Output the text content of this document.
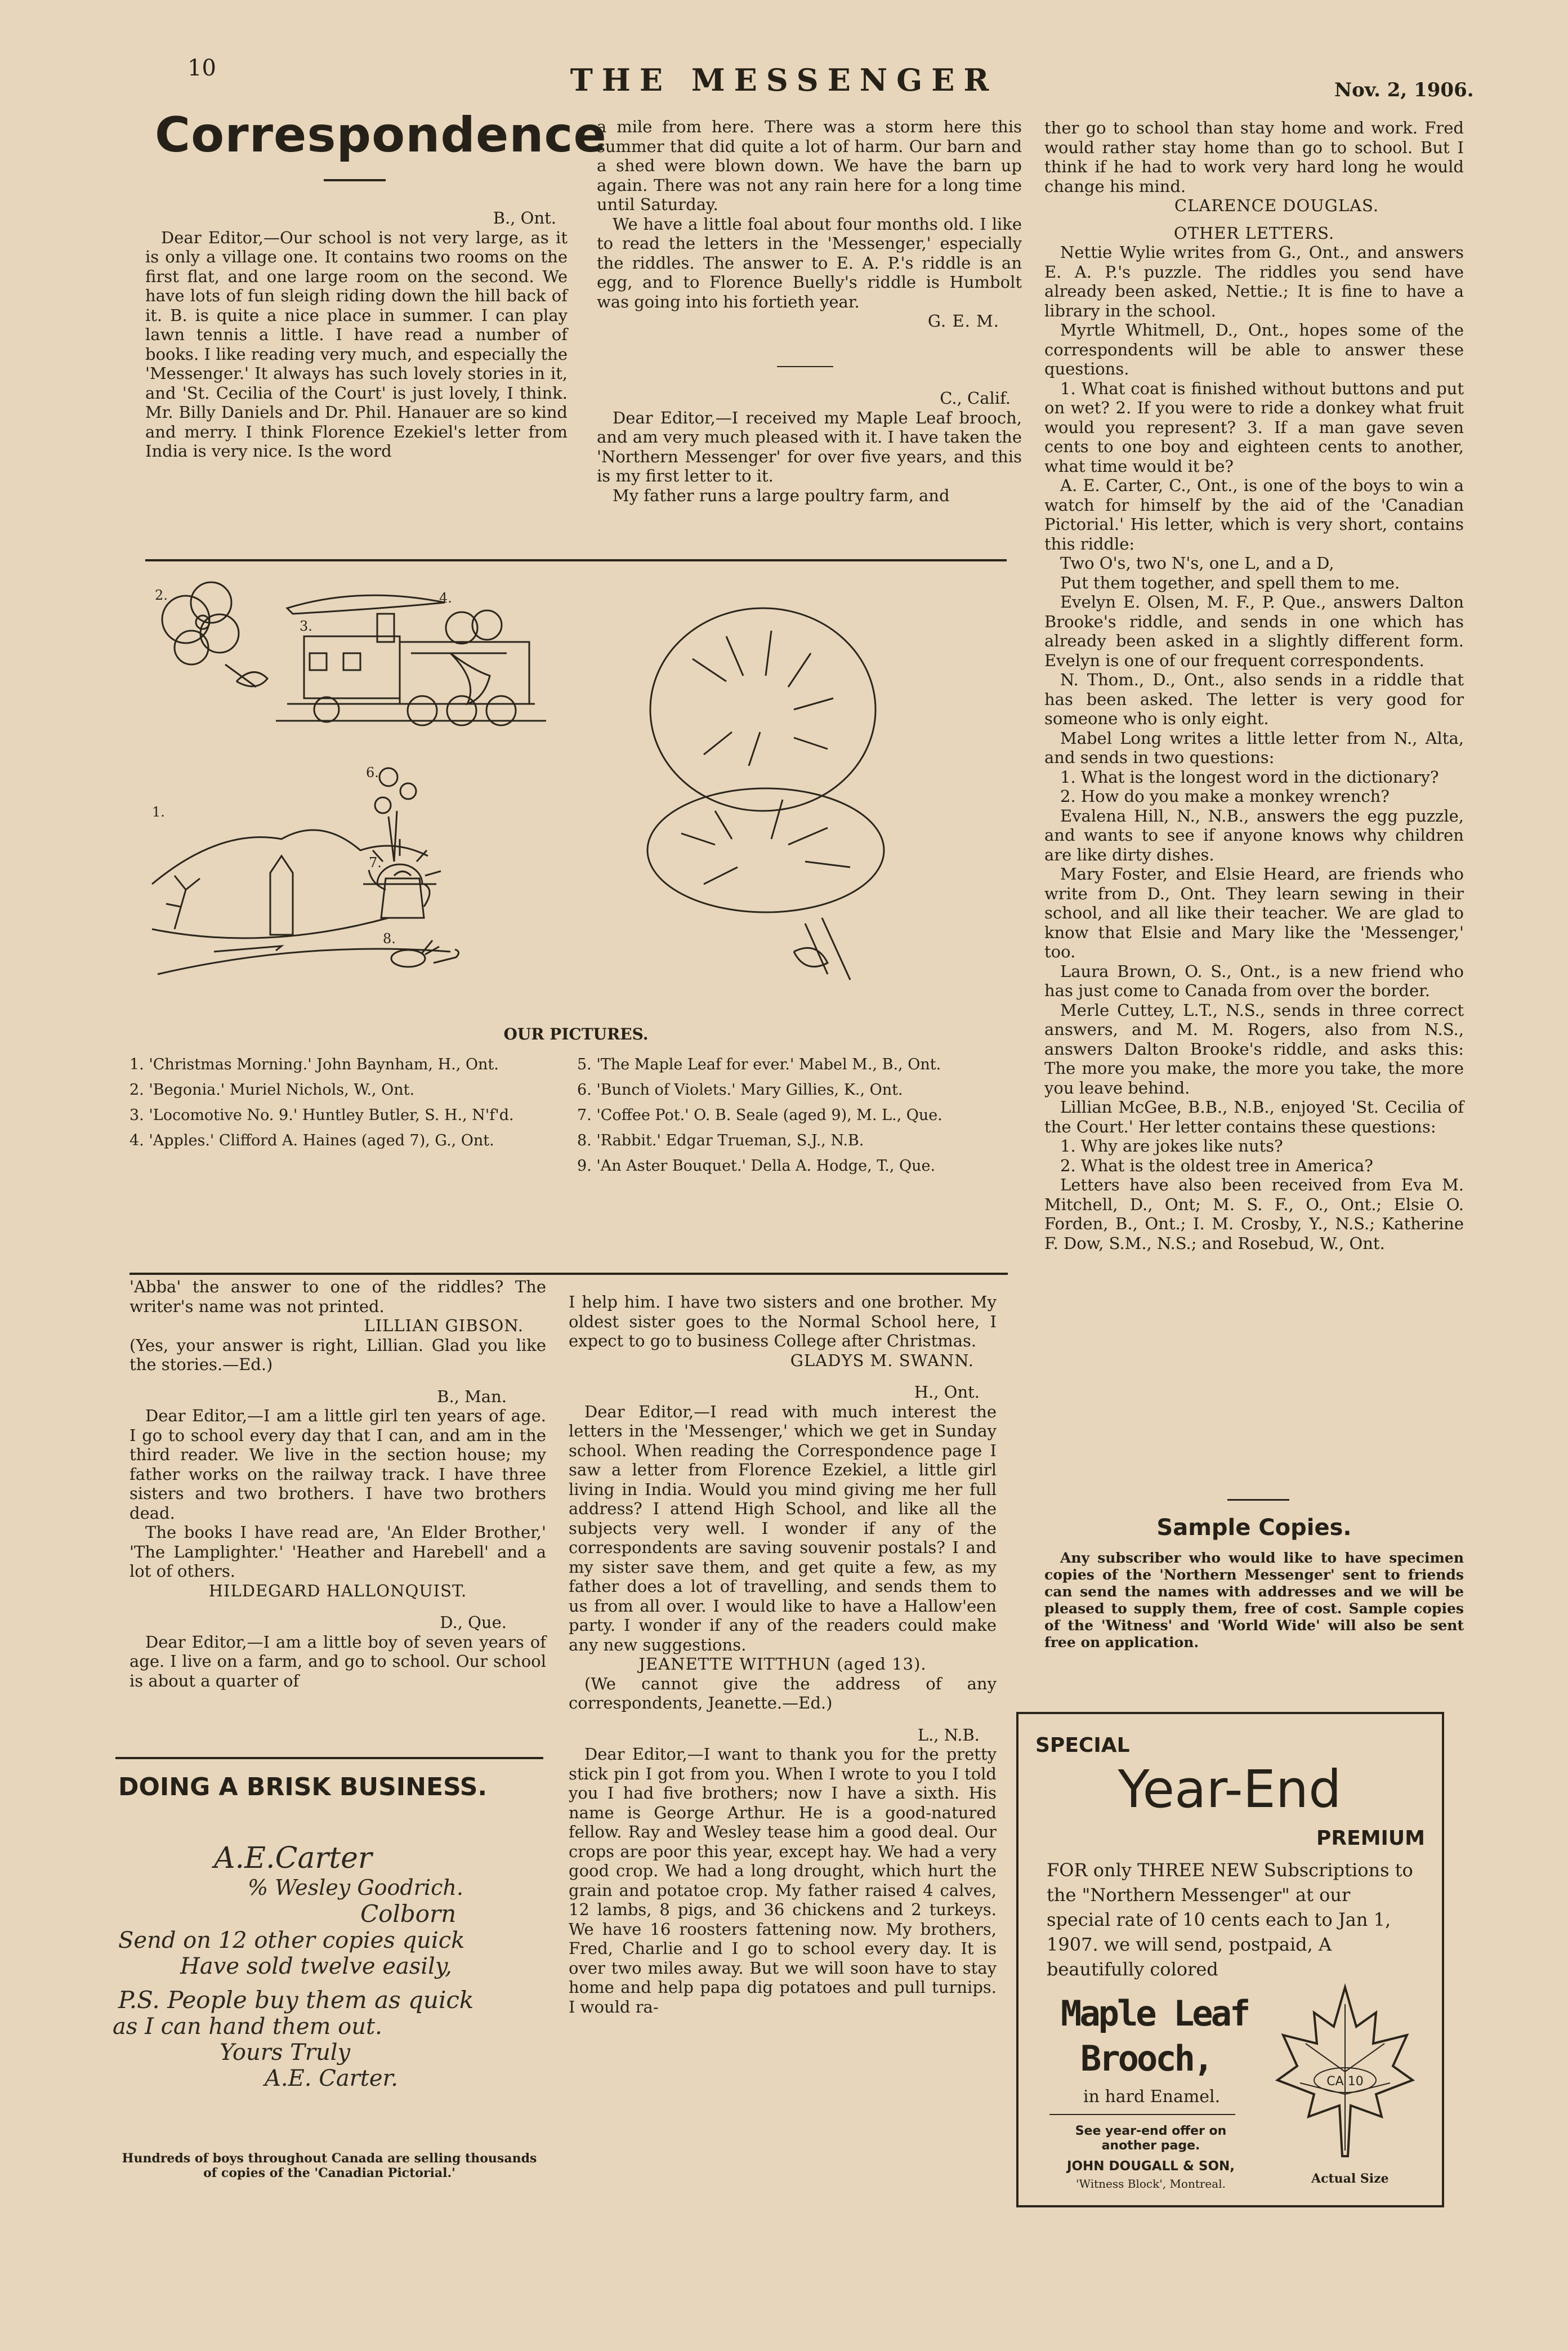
10	THE MESSENGER	Nov. 2, 1906.
Correspondence
B., Ont.

Dear Editor,—Our school is not very large, as it is only a village one. It contains two rooms on the first flat, and one large room on the second. We have lots of fun sleigh riding down the hill back of it. B. is quite a nice place in summer. I can play lawn tennis a little. I have read a number of books. I like reading very much, and especially the 'Messenger.' It always has such lovely stories in it, and 'St. Cecilia of the Court' is just lovely, I think. Mr. Billy Daniels and Dr. Phil. Hanauer are so kind and merry. I think Florence Ezekiel's letter from India is very nice. Is the word

a mile from here. There was a storm here this summer that did quite a lot of harm. Our barn and a shed were blown down. We have the barn up again. There was not any rain here for a long time until Saturday.

We have a little foal about four months old. I like to read the letters in the 'Messenger,' especially the riddles. The answer to E. A. P.'s riddle is an egg, and to Florence Buelly's riddle is Humbolt was going into his fortieth year.

G. E. M.
C., Calif.

Dear Editor,—I received my Maple Leaf brooch, and am very much pleased with it. I have taken the 'Northern Messenger' for over five years, and this is my first letter to it.

My father runs a large poultry farm, and

2.
3.
4.
1.
6.
7.
8.
OUR PICTURES.

1. 'Christmas Morning.' John Baynham, H., Ont.

2. 'Begonia.' Muriel Nichols, W., Ont.

3. 'Locomotive No. 9.' Huntley Butler, S. H., N'f'd.

4. 'Apples.' Clifford A. Haines (aged 7), G., Ont.

5. 'The Maple Leaf for ever.' Mabel M., B., Ont.

6. 'Bunch of Violets.' Mary Gillies, K., Ont.

7. 'Coffee Pot.' O. B. Seale (aged 9), M. L., Que.

8. 'Rabbit.' Edgar Trueman, S.J., N.B.

9. 'An Aster Bouquet.' Della A. Hodge, T., Que.

'Abba' the answer to one of the riddles? The writer's name was not printed.

LILLIAN GIBSON.

(Yes, your answer is right, Lillian. Glad you like the stories.—Ed.)

B., Man.

Dear Editor,—I am a little girl ten years of age. I go to school every day that I can, and am in the third reader. We live in the section house; my father works on the railway track. I have three sisters and two brothers. I have two brothers dead.

The books I have read are, 'An Elder Brother,' 'The Lamplighter.' 'Heather and Harebell' and a lot of others.

HILDEGARD HALLONQUIST.
D., Que.

Dear Editor,—I am a little boy of seven years of age. I live on a farm, and go to school. Our school is about a quarter of

DOING A BRISK BUSINESS.
A.E.Carter
% Wesley Goodrich.
Colborn
Send on 12 other copies quick
Have sold twelve easily,
P.S. People buy them as quick
as I can hand them out.
Yours Truly
A.E. Carter.
Hundreds of boys throughout Canada are selling thousands of copies of the 'Canadian Pictorial.'

I help him. I have two sisters and one brother. My oldest sister goes to the Normal School here, I expect to go to business College after Christmas.

GLADYS M. SWANN.
H., Ont.

Dear Editor,—I read with much interest the letters in the 'Messenger,' which we get in Sunday school. When reading the Correspondence page I saw a letter from Florence Ezekiel, a little girl living in India. Would you mind giving me her full address? I attend High School, and like all the subjects very well. I wonder if any of the correspondents are saving souvenir postals? I and my sister save them, and get quite a few, as my father does a lot of travelling, and sends them to us from all over. I would like to have a Hallow'een party. I wonder if any of the readers could make any new suggestions.

JEANETTE WITTHUN (aged 13).

(We cannot give the address of any correspondents, Jeanette.—Ed.)

L., N.B.

Dear Editor,—I want to thank you for the pretty stick pin I got from you. When I wrote to you I told you I had five brothers; now I have a sixth. His name is George Arthur. He is a good-natured fellow. Ray and Wesley tease him a good deal. Our crops are poor this year, except hay. We had a very good crop. We had a long drought, which hurt the grain and potatoe crop. My father raised 4 calves, 12 lambs, 8 pigs, and 36 chickens and 2 turkeys. We have 16 roosters fattening now. My brothers, Fred, Charlie and I go to school every day. It is over two miles away. But we will soon have to stay home and help papa dig potatoes and pull turnips. I would ra-

ther go to school than stay home and work. Fred would rather stay home than go to school. But I think if he had to work very hard long he would change his mind.

CLARENCE DOUGLAS.
OTHER LETTERS.

Nettie Wylie writes from G., Ont., and answers E. A. P.'s puzzle. The riddles you send have already been asked, Nettie.; It is fine to have a library in the school.

Myrtle Whitmell, D., Ont., hopes some of the correspondents will be able to answer these questions.

1. What coat is finished without buttons and put on wet? 2. If you were to ride a donkey what fruit would you represent? 3. If a man gave seven cents to one boy and eighteen cents to another, what time would it be?

A. E. Carter, C., Ont., is one of the boys to win a watch for himself by the aid of the 'Canadian Pictorial.' His letter, which is very short, contains this riddle:

Two O's, two N's, one L, and a D,

Put them together, and spell them to me.

Evelyn E. Olsen, M. F., P. Que., answers Dalton Brooke's riddle, and sends in one which has already been asked in a slightly different form. Evelyn is one of our frequent correspondents.

N. Thom., D., Ont., also sends in a riddle that has been asked. The letter is very good for someone who is only eight.

Mabel Long writes a little letter from N., Alta, and sends in two questions:

1. What is the longest word in the dictionary?

2. How do you make a monkey wrench?

Evalena Hill, N., N.B., answers the egg puzzle, and wants to see if anyone knows why children are like dirty dishes.

Mary Foster, and Elsie Heard, are friends who write from D., Ont. They learn sewing in their school, and all like their teacher. We are glad to know that Elsie and Mary like the 'Messenger,' too.

Laura Brown, O. S., Ont., is a new friend who has just come to Canada from over the border.

Merle Cuttey, L.T., N.S., sends in three correct answers, and M. M. Rogers, also from N.S., answers Dalton Brooke's riddle, and asks this: The more you make, the more you take, the more you leave behind.

Lillian McGee, B.B., N.B., enjoyed 'St. Cecilia of the Court.' Her letter contains these questions:

1. Why are jokes like nuts?

2. What is the oldest tree in America?

Letters have also been received from Eva M. Mitchell, D., Ont; M. S. F., O., Ont.; Elsie O. Forden, B., Ont.; I. M. Crosby, Y., N.S.; Katherine F. Dow, S.M., N.S.; and Rosebud, W., Ont.

Sample Copies.

Any subscriber who would like to have specimen copies of the 'Northern Messenger' sent to friends can send the names with addresses and we will be pleased to supply them, free of cost. Sample copies of the 'Witness' and 'World Wide' will also be sent free on application.

SPECIAL
Year-End
PREMIUM
FOR only THREE NEW Subscriptions to the "Northern Messenger" at our special rate of 10 cents each to Jan 1, 1907. we will send, postpaid, A beautifully colored
Maple Leaf
Brooch,
in hard Enamel.
See year-end offer on another page.
JOHN DOUGALL & SON,
'Witness Block', Montreal.
CA 10
Actual Size
